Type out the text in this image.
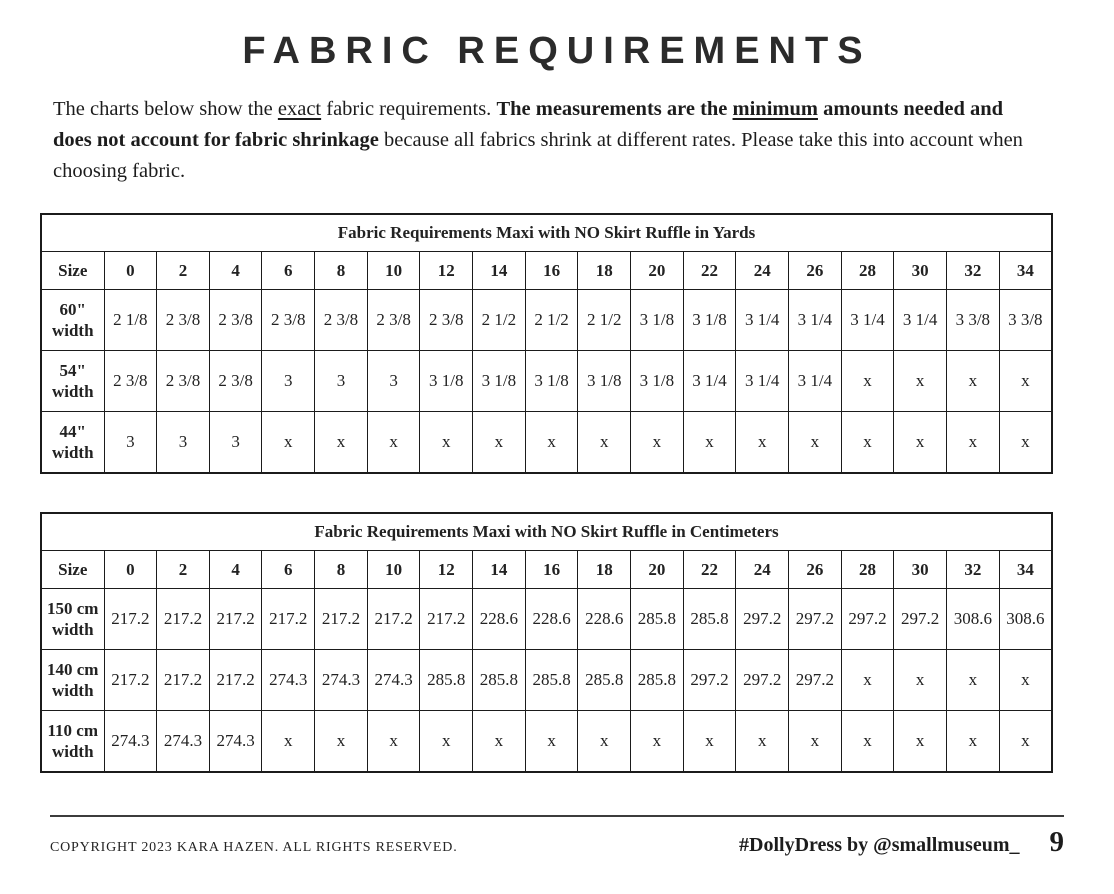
FABRIC REQUIREMENTS

The charts below show the exact fabric requirements. The measurements are the minimum amounts needed and does not account for fabric shrinkage because all fabrics shrink at different rates. Please take this into account when choosing fabric.

Fabric Requirements Maxi with NO Skirt Ruffle in Yards																		
Size	0	2	4	6	8	10	12	14	16	18	20	22	24	26	28	30	32	34
60" width	2 1/8	2 3/8	2 3/8	2 3/8	2 3/8	2 3/8	2 3/8	2 1/2	2 1/2	2 1/2	3 1/8	3 1/8	3 1/4	3 1/4	3 1/4	3 1/4	3 3/8	3 3/8
54" width	2 3/8	2 3/8	2 3/8	3	3	3	3 1/8	3 1/8	3 1/8	3 1/8	3 1/8	3 1/4	3 1/4	3 1/4	x	x	x	x
44" width	3	3	3	x	x	x	x	x	x	x	x	x	x	x	x	x	x	x
Fabric Requirements Maxi with NO Skirt Ruffle in Centimeters																		
Size	0	2	4	6	8	10	12	14	16	18	20	22	24	26	28	30	32	34
150 cm width	217.2	217.2	217.2	217.2	217.2	217.2	217.2	228.6	228.6	228.6	285.8	285.8	297.2	297.2	297.2	297.2	308.6	308.6
140 cm width	217.2	217.2	217.2	274.3	274.3	274.3	285.8	285.8	285.8	285.8	285.8	297.2	297.2	297.2	x	x	x	x
110 cm width	274.3	274.3	274.3	x	x	x	x	x	x	x	x	x	x	x	x	x	x	x
COPYRIGHT 2023 KARA HAZEN. ALL RIGHTS RESERVED.	#DollyDress by @smallmuseum_ 9
